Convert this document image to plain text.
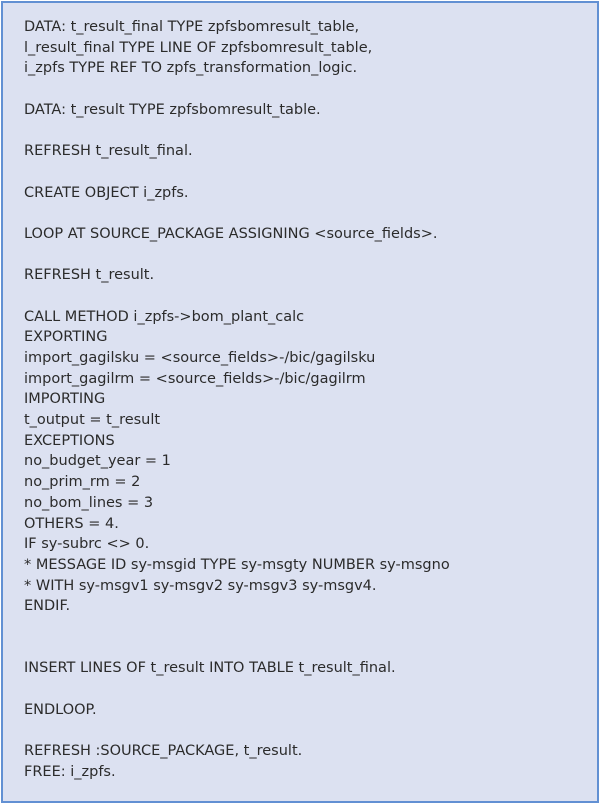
DATA: t_result_final TYPE zpfsbomresult_table,
l_result_final TYPE LINE OF zpfsbomresult_table,
i_zpfs TYPE REF TO zpfs_transformation_logic.

DATA: t_result TYPE zpfsbomresult_table.

REFRESH t_result_final.

CREATE OBJECT i_zpfs.

LOOP AT SOURCE_PACKAGE ASSIGNING <source_fields>.

REFRESH t_result.

CALL METHOD i_zpfs->bom_plant_calc
EXPORTING
import_gagilsku = <source_fields>-/bic/gagilsku
import_gagilrm = <source_fields>-/bic/gagilrm
IMPORTING
t_output = t_result
EXCEPTIONS
no_budget_year = 1
no_prim_rm = 2
no_bom_lines = 3
OTHERS = 4.
IF sy-subrc <> 0.
* MESSAGE ID sy-msgid TYPE sy-msgty NUMBER sy-msgno
* WITH sy-msgv1 sy-msgv2 sy-msgv3 sy-msgv4.
ENDIF.

INSERT LINES OF t_result INTO TABLE t_result_final.

ENDLOOP.

REFRESH :SOURCE_PACKAGE, t_result.
FREE: i_zpfs.
